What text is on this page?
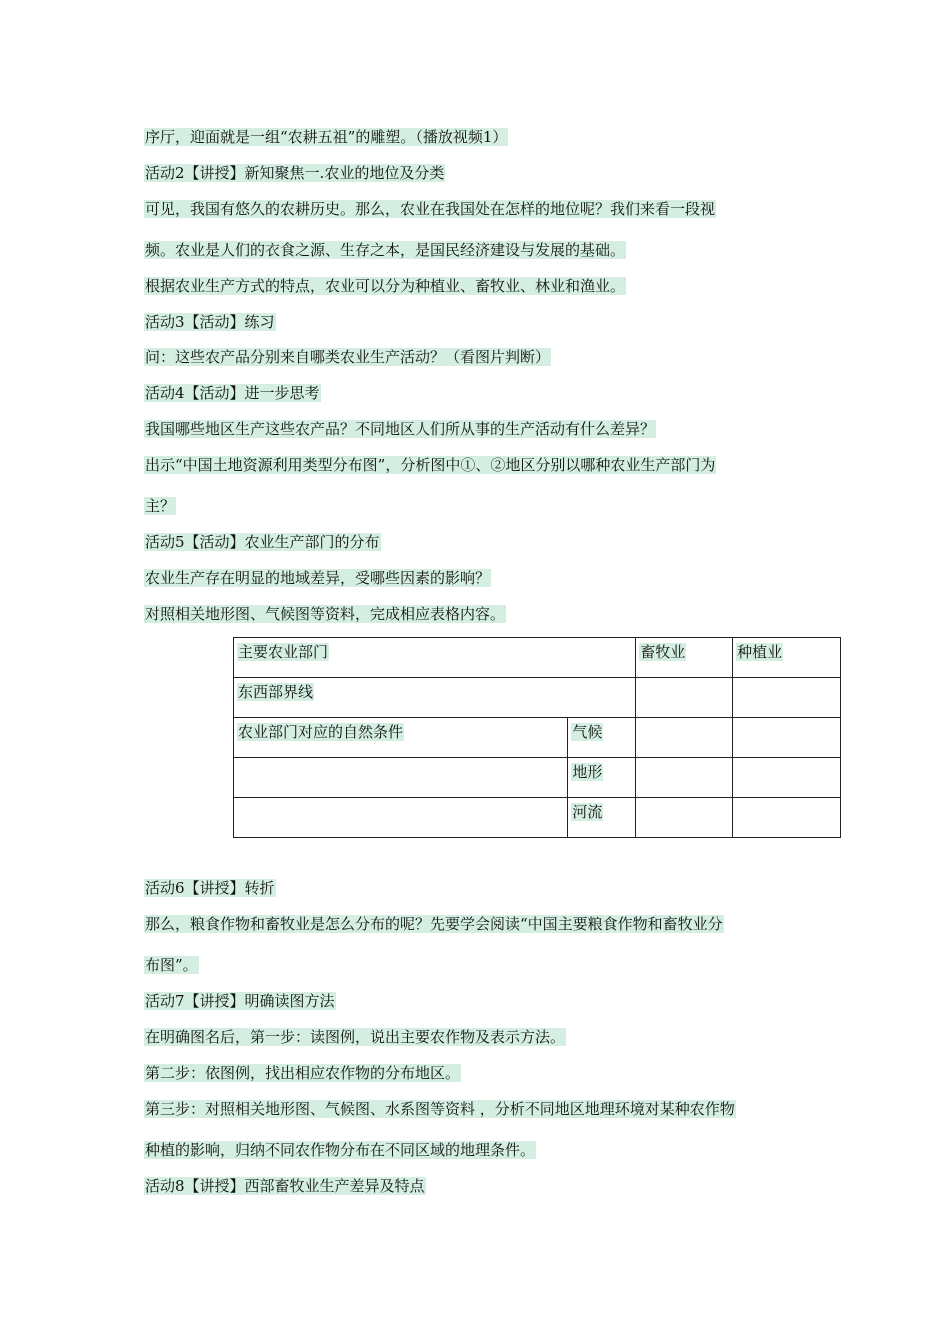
序厅，迎面就是一组“农耕五祖”的雕塑。（播放视频1）
活动2【讲授】新知聚焦一.农业的地位及分类
可见，我国有悠久的农耕历史。那么，农业在我国处在怎样的地位呢？我们来看一段视
频。农业是人们的衣食之源、生存之本，是国民经济建设与发展的基础。
根据农业生产方式的特点，农业可以分为种植业、畜牧业、林业和渔业。
活动3【活动】练习
问：这些农产品分别来自哪类农业生产活动？（看图片判断）
活动4【活动】进一步思考
我国哪些地区生产这些农产品？不同地区人们所从事的生产活动有什么差异？
出示“中国土地资源利用类型分布图”，分析图中①、②地区分别以哪种农业生产部门为
主？
活动5【活动】农业生产部门的分布
农业生产存在明显的地域差异，受哪些因素的影响？
对照相关地形图、气候图等资料，完成相应表格内容。
活动6【讲授】转折
那么，粮食作物和畜牧业是怎么分布的呢？先要学会阅读“中国主要粮食作物和畜牧业分
布图”。
活动7【讲授】明确读图方法
在明确图名后，第一步：读图例，说出主要农作物及表示方法。
第二步：依图例，找出相应农作物的分布地区。
第三步：对照相关地形图、气候图、水系图等资料 ，分析不同地区地理环境对某种农作物
种植的影响，归纳不同农作物分布在不同区域的地理条件。
活动8【讲授】西部畜牧业生产差异及特点
主要农业部门		畜牧业	种植业
东西部界线			
农业部门对应的自然条件	气候		
	地形		
	河流		
